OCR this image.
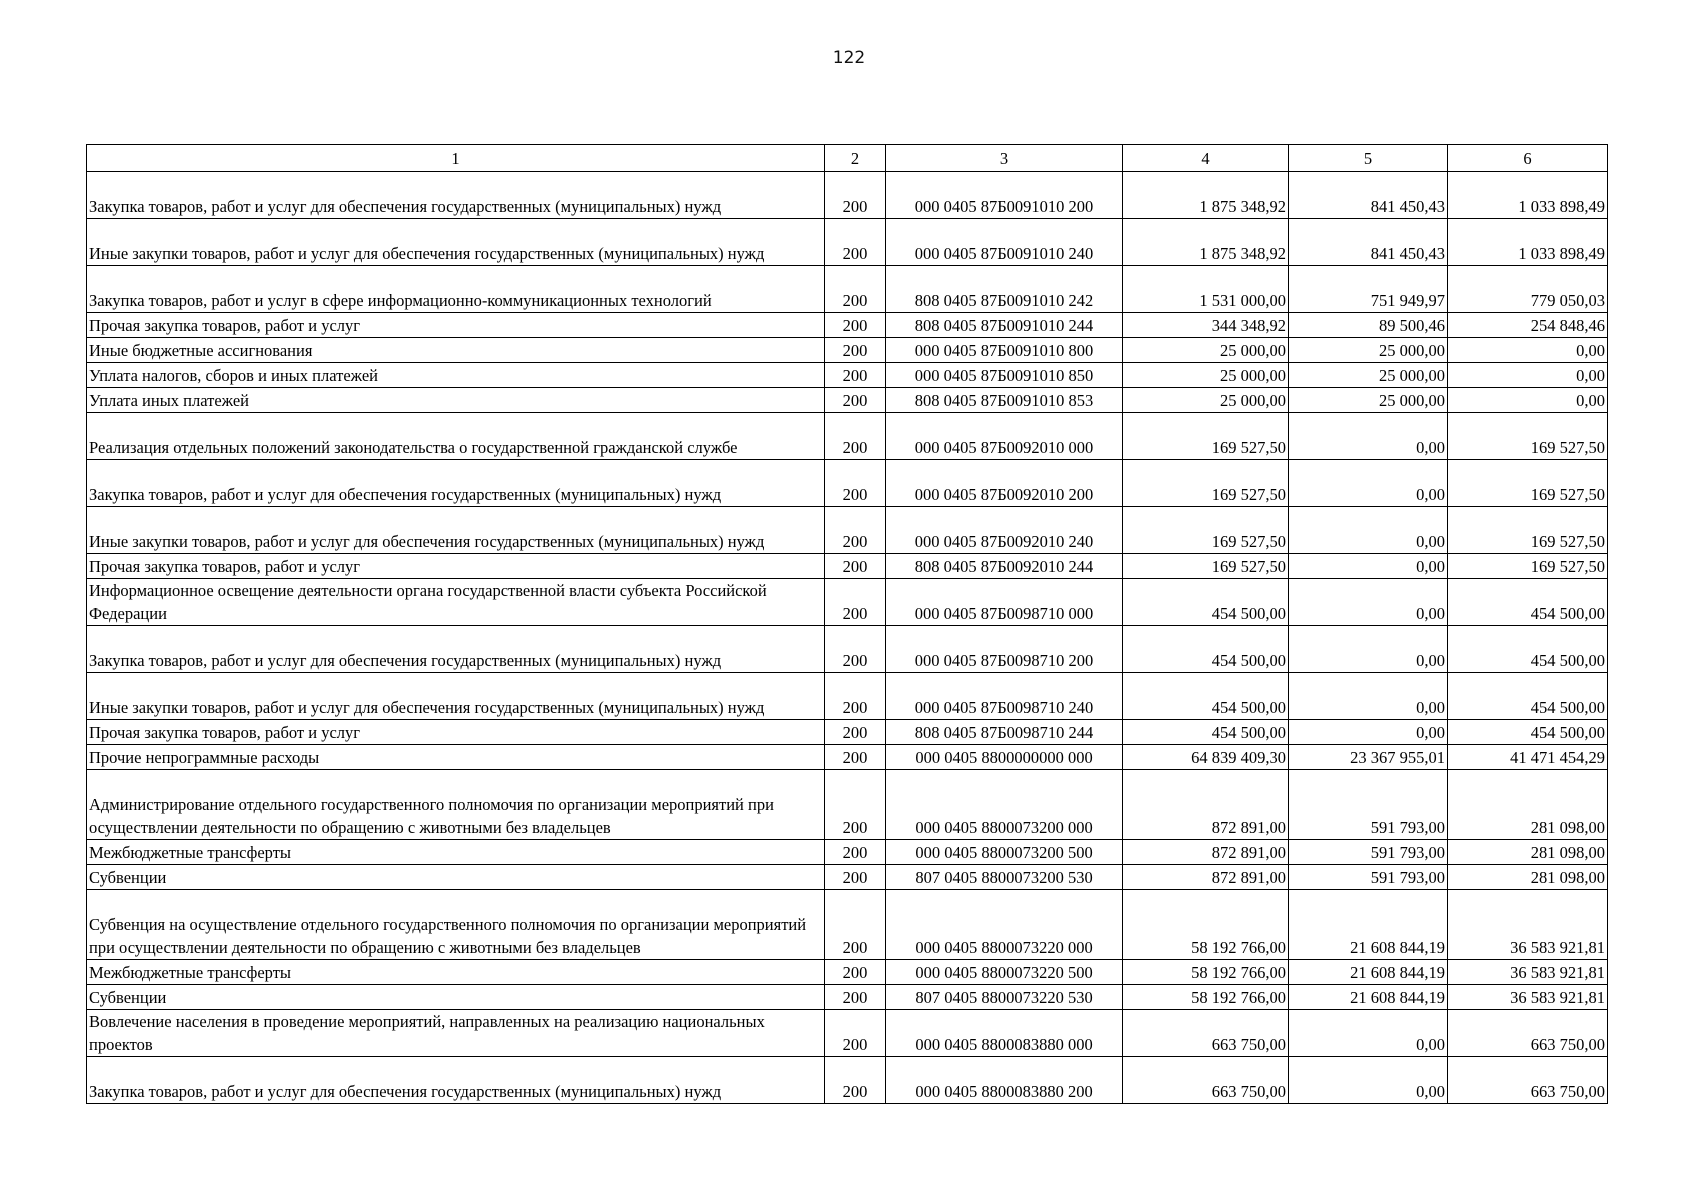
122
1	2	3	4	5	6
Закупка товаров, работ и услуг для обеспечения государственных (муниципальных) нужд	200	000 0405 87Б0091010 200	1 875 348,92	841 450,43	1 033 898,49
Иные закупки товаров, работ и услуг для обеспечения государственных (муниципальных) нужд	200	000 0405 87Б0091010 240	1 875 348,92	841 450,43	1 033 898,49
Закупка товаров, работ и услуг в сфере информационно-коммуникационных технологий	200	808 0405 87Б0091010 242	1 531 000,00	751 949,97	779 050,03
Прочая закупка товаров, работ и услуг	200	808 0405 87Б0091010 244	344 348,92	89 500,46	254 848,46
Иные бюджетные ассигнования	200	000 0405 87Б0091010 800	25 000,00	25 000,00	0,00
Уплата налогов, сборов и иных платежей	200	000 0405 87Б0091010 850	25 000,00	25 000,00	0,00
Уплата иных платежей	200	808 0405 87Б0091010 853	25 000,00	25 000,00	0,00
Реализация отдельных положений законодательства о государственной гражданской службе	200	000 0405 87Б0092010 000	169 527,50	0,00	169 527,50
Закупка товаров, работ и услуг для обеспечения государственных (муниципальных) нужд	200	000 0405 87Б0092010 200	169 527,50	0,00	169 527,50
Иные закупки товаров, работ и услуг для обеспечения государственных (муниципальных) нужд	200	000 0405 87Б0092010 240	169 527,50	0,00	169 527,50
Прочая закупка товаров, работ и услуг	200	808 0405 87Б0092010 244	169 527,50	0,00	169 527,50
Информационное освещение деятельности органа государственной власти субъекта Российской Федерации	200	000 0405 87Б0098710 000	454 500,00	0,00	454 500,00
Закупка товаров, работ и услуг для обеспечения государственных (муниципальных) нужд	200	000 0405 87Б0098710 200	454 500,00	0,00	454 500,00
Иные закупки товаров, работ и услуг для обеспечения государственных (муниципальных) нужд	200	000 0405 87Б0098710 240	454 500,00	0,00	454 500,00
Прочая закупка товаров, работ и услуг	200	808 0405 87Б0098710 244	454 500,00	0,00	454 500,00
Прочие непрограммные расходы	200	000 0405 8800000000 000	64 839 409,30	23 367 955,01	41 471 454,29
Администрирование отдельного государственного полномочия по организации мероприятий при осуществлении деятельности по обращению с животными без владельцев	200	000 0405 8800073200 000	872 891,00	591 793,00	281 098,00
Межбюджетные трансферты	200	000 0405 8800073200 500	872 891,00	591 793,00	281 098,00
Субвенции	200	807 0405 8800073200 530	872 891,00	591 793,00	281 098,00
Субвенция на осуществление отдельного государственного полномочия по организации мероприятий при осуществлении деятельности по обращению с животными без владельцев	200	000 0405 8800073220 000	58 192 766,00	21 608 844,19	36 583 921,81
Межбюджетные трансферты	200	000 0405 8800073220 500	58 192 766,00	21 608 844,19	36 583 921,81
Субвенции	200	807 0405 8800073220 530	58 192 766,00	21 608 844,19	36 583 921,81
Вовлечение населения в проведение мероприятий, направленных на реализацию национальных проектов	200	000 0405 8800083880 000	663 750,00	0,00	663 750,00
Закупка товаров, работ и услуг для обеспечения государственных (муниципальных) нужд	200	000 0405 8800083880 200	663 750,00	0,00	663 750,00
